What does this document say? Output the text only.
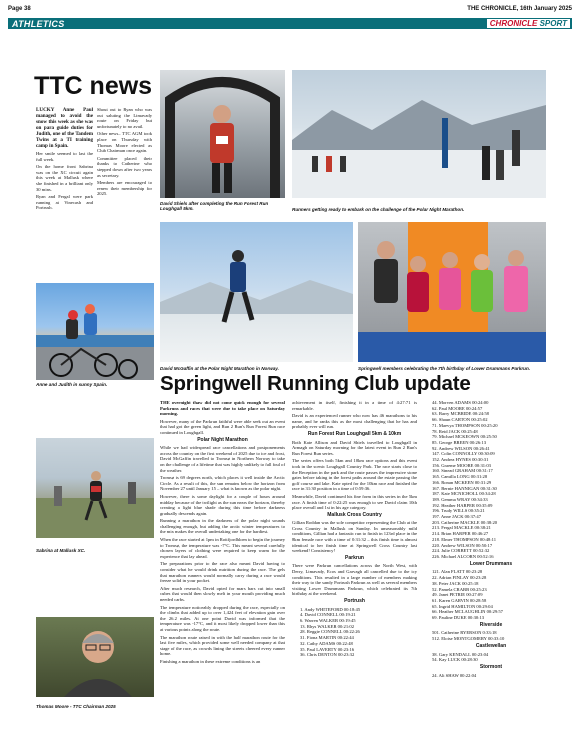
Page 38	THE CHRONICLE, 16th January 2025
ATHLETICS	CHRONICLE
SPORT
TTC news

LUCKY Anne Paul managed to avoid the snow this week as she was on para guide duties for Judith, one of the Tandem Twins at a TI training camp in Spain.

Her smile seemed to last the full week.

On the home front Sabrina was on the XC circuit again this week at Mallusk where she finished in a brilliant only 30 mins.

Ryan and Fergal were park running at Vinecash and Portrush.

Shout out to Ryan who was out saluting the Limavady route on Friday but unfortunately to no avail.

Other news– TTC AGM took place on Thursday with Thomas Moore elected as Club Chairman once again.

Committee placed their thanks to Catherine who stepped down after two years as secretary.

Members are encouraged to renew their membership for 2025.

Anne and Judith in sunny Spain.
Sabrina at Mallusk XC.
Thomas Moore - TTC Chairman 2025
David Shiels after completing the Run Forest Run Loughgall 5km.	Runners getting ready to embark on the challenge of the Polar Night Marathon.
David McGaffin at the Polar Night Marathon in Norway.	Springwell members celebrating the 7th birthday of Lower Drummans Parkrun.
Springwell Running Club update

THE overnight thaw did not come quick enough for several Parkruns and races that were due to take place on Saturday morning.

However, many of the Parkrun faithful were able seek out an event that had got the green light, and Run 2 Run's Run Forest Run race continued in Loughgall.

Polar Night Marathon

While we had widespread race cancellations and postponements across the country on the first weekend of 2025 due to ice and frost, David McGaffin travelled to Tromsø in Northern Norway to take on the challenge of a lifetime that was highly unlikely to fall foul of the weather.

Tromsø is 69 degrees north, which places it well inside the Arctic Circle. As a result of this, the sun remains below the horizon from November 27 until January 15 – what is known as the polar night.

However, there is some daylight for a couple of hours around midday because of the twilight as the sun nears the horizon, thereby creating a light blue shade during this time before darkness gradually descends again.

Running a marathon in the darkness of the polar night sounds challenging enough, but adding the arctic winter temperatures to the mix makes the overall undertaking one for the hardiest.

When the race started at 1pm in Rottfjordhloen to begin the journey to Tromsø, the temperature was -7°C. This meant several carefully chosen layers of clothing were required to keep warm for the experience that lay ahead.

The preparations prior to the race also meant David having to consider what he would drink nutrition during the race. The gels that marathon runners would normally carry during a race would freeze solid in your pocket.

After much research, David opted for mars bars cut into small cubes that would then slowly melt in your mouth providing much needed carbs.

The temperature noticeably dropped during the race, especially on the climbs that added up to over 1,424 feet of elevation gain over the 26.2 miles. At one point David was informed that the temperature was -17°C, and it most likely dropped lower than this at various points along the route.

The marathon route raised in with the half marathon route for the last five miles, which provided some well needed company at that stage of the race, as crowds lining the streets cheered every runner home.

Finishing a marathon in these extreme conditions is an

achievement in itself, finishing it in a time of 4:27:71 is remarkable.

David is an experienced runner who now has 46 marathons to his name, and he ranks this as the most challenging that he has and probably ever will run.

Run Forest Run Loughgall 5km & 10km

Both Kate Allison and David Shiels travelled to Loughgall in Armagh on Saturday morning for the latest event in Run 2 Run's Run Forest Run series.

The series offers both 5km and 10km race options and this event took in the scenic Loughgall Country Park. The race starts close to the Reception in the park and the route passes the impressive stone gates before taking in the forest paths around the estate passing the golf course and lake. Kate opted for the 10km race and finished the race in 31:30 position in a time of 0:59:36.

Meanwhile, David continued his fine form in this series in the 5km race. A finish time of 0:22:25 was enough to see David claim 10th place overall and 1st in his age category.

Mallusk Cross Country

Gillian Roddan was the sole competitor representing the Club at the Cross Country in Mallusk on Sunday. In unseasonably mild conditions, Gillian had a fantastic run to finish in 123rd place in the 8km female race with a time of 0:31:32 – this finish time is almost identical to her finish time at Springwell Cross Country last weekend! Consistency!

Parkrun

There were Parkrun cancellations across the North West, with Derry, Limavady, Ecos and Garvagh all cancelled due to the icy conditions. This resulted in a large number of members making their way to the sandy Portrush Parkrun as well as several members visiting Lower Drummans Parkrun, which celebrated its 7th birthday at the weekend.

Portrush
1. Andy WHITEFORD 00:18:45
4. David CONNELL 00:19:21
6. Warren WALKER 00:19:45
13. Rhys WALKER 00:21:02
28. Reggie CONNELL 00:22:26
31. Fiona MARTIN 00:22:44
32. Cathy ADAMS 00:22:48
35. Paul LAVERTY 00:23:16
36. Chris DENTON 00:23:32
44. Morven ADAMS 00:24:00
62. Paul MOORE 00:24:57
63. Barry MCBRIDE 00:24:58
66. Shaun CARTON 00:25:02
71. Maevya THOMPSON 00:25:20
78. Reid JACK 00:25:48
79. Michael MCKEOWN 00:25:50
85. George BREEN 00:26:13
92. Andrew WILSON 00:26:41
147. Colin CONNOLLY 00:30:09
152. Andrea HYNES 00:30:31
156. Graeme MOORE 00:31:03
160. Sinead GRAHAM 00:31:17
165. Camilla LONG 00:31:28
166. Ronan MCKEEN 00:31:29
167. Bernie HANNIGAN 00:31:30
187. Kate MCNICHOLL 00:34:28
189. Gemma WRAY 00:34:33
192. Heather HARPER 00:35:09
196. Trudy WILLS 00:35:21
197. Anne JACK 00:37:47
203. Catherine MACKLE 00:38:20
213. Fergal MACKLE 00:38:21
214. Brian HARPER 00:46:27
218. Elmer THOMPSON 00:48:11
220. Andrew WILSON 00:50:17
224. Julie CORBETT 00:52:32
226. Michael ALCORN 00:52:16
Lower Drummans
121. Alan FLATT 00:23:28
22. Adrian FINLAY 00:23:28
38. Peter JACK 00:25:18
52. Pamela CRABB 00:25:23
49. Janet PETRIE 00:27:09
61. Karen GARVIN 00:28:58
65. Ingrid HAMILTON 00:29:04
66. Heather MCLAUGHLIN 00:29:57
69. Pauline DUKE 00:30:13
Riverside
501. Catherine RYERSON 0:33:18
512. Eloise MONTGOMERY 00:33:10
Castlewellan
38. Gary KENDALL 00:23:04
54. Kay LUCK 00:28:30
Stormont
24. Ali SHAW 00:22:04
